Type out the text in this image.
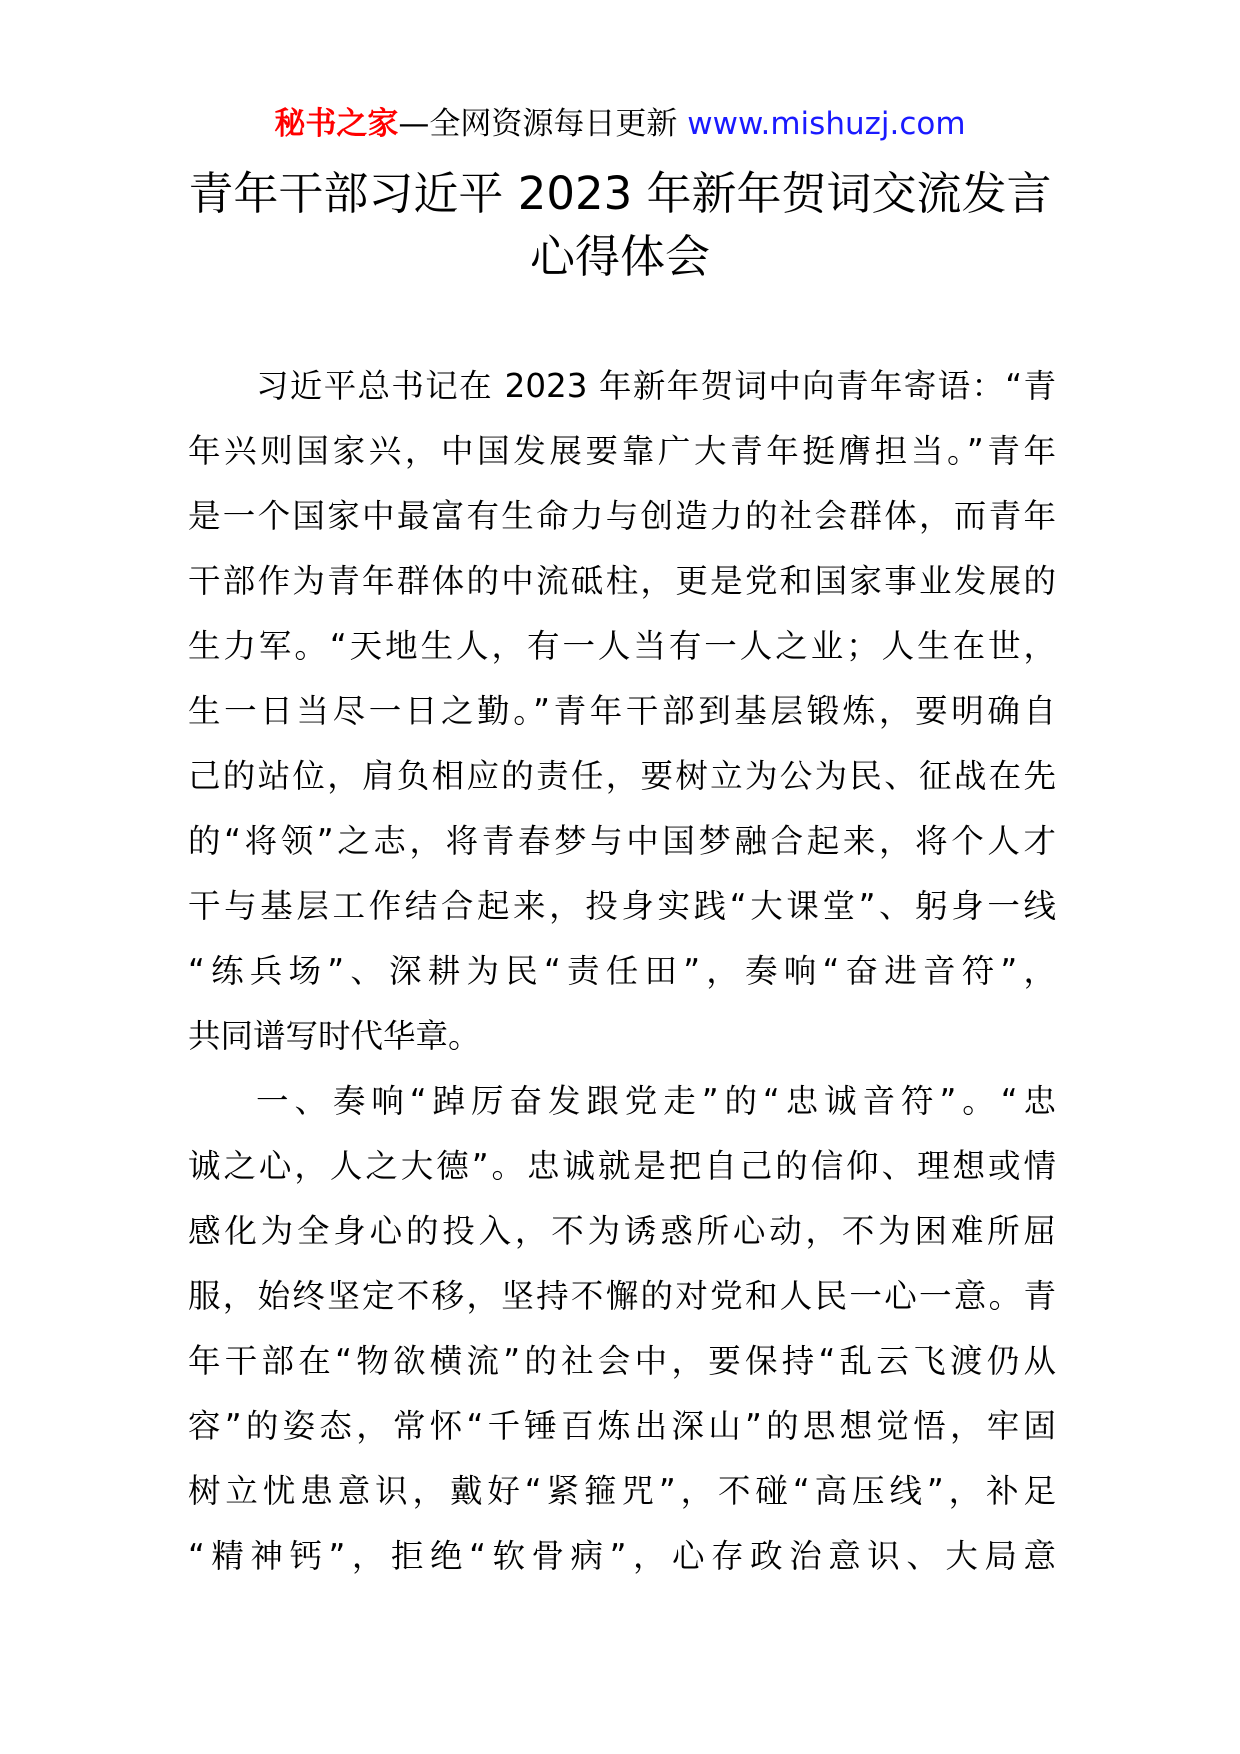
秘书之家—全网资源每日更新 www.mishuzj.com
青年干部习近平 2023 年新年贺词交流发言
心得体会
习近平总书记在 2023 年新年贺词中向青年寄语：“青
年兴则国家兴，中国发展要靠广大青年挺膺担当。”青年
是一个国家中最富有生命力与创造力的社会群体，而青年
干部作为青年群体的中流砥柱，更是党和国家事业发展的
生力军。“天地生人，有一人当有一人之业；人生在世，
生一日当尽一日之勤。”青年干部到基层锻炼，要明确自
己的站位，肩负相应的责任，要树立为公为民、征战在先
的“将领”之志，将青春梦与中国梦融合起来，将个人才
干与基层工作结合起来，投身实践“大课堂”、躬身一线
“练兵场”、深耕为民“责任田”，奏响“奋进音符”，
共同谱写时代华章。
一、奏响“踔厉奋发跟党走”的“忠诚音符”。“忠
诚之心，人之大德”。忠诚就是把自己的信仰、理想或情
感化为全身心的投入，不为诱惑所心动，不为困难所屈
服，始终坚定不移，坚持不懈的对党和人民一心一意。青
年干部在“物欲横流”的社会中，要保持“乱云飞渡仍从
容”的姿态，常怀“千锤百炼出深山”的思想觉悟，牢固
树立忧患意识，戴好“紧箍咒”，不碰“高压线”，补足
“精神钙”，拒绝“软骨病”，心存政治意识、大局意
